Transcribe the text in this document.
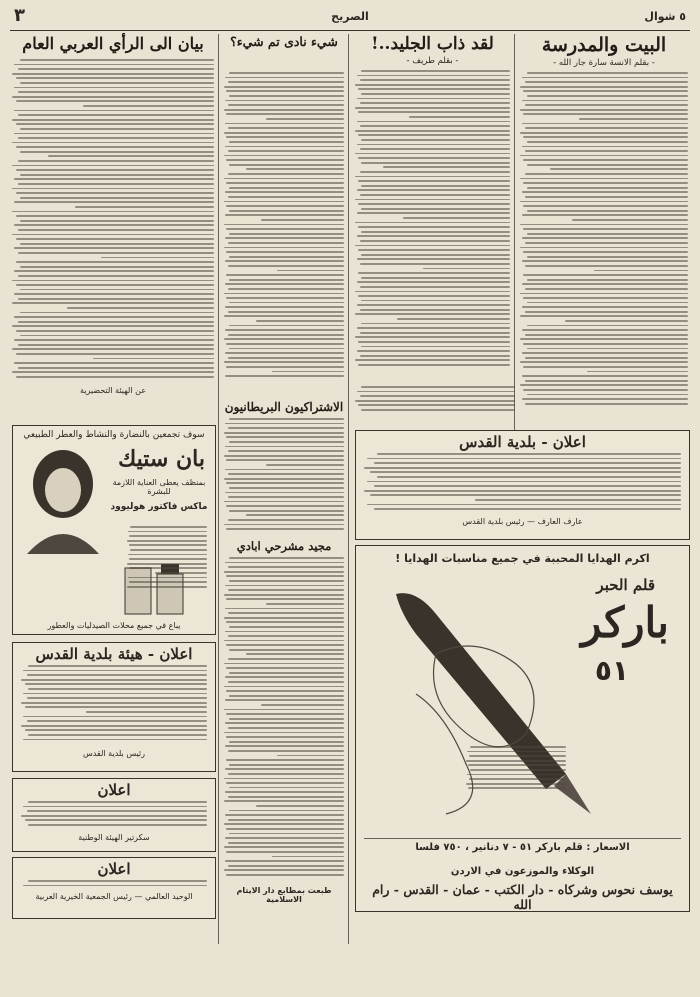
٥ شوال
الصريح
٣
البيت والمدرسة
- بقلم الانسة سارة جار الله -
اعلان - بلدية القدس
عارف العارف — رئيس بلدية القدس
اكرم الهدايا المحببة في جميع مناسبات الهدايا !
قلم الحبر
باركر
٥١
الاسعار : قلم باركر ٥١ - ٧ دنانير ، ٧٥٠ فلسا
الوكلاء والموزعون في الاردن
يوسف نحوس وشركاه - دار الكتب - عمان - القدس - رام الله
لقد ذاب الجليد..!
- بقلم طريف -
الاشتراكيون البريطانيون
مجيد مشرحي ابادي
طبعت بمطابع دار الايتام الاسلامية
شيء نادى تم شيء؟
بيان الى الرأي العربي العام
عن الهيئة التحضيرية
سوف تجمعين بالنضارة والنشاط والعطر الطبيعي
بان ستيك
بمنظف يعطى العناية اللازمة للبشرة
ماكس فاكتور هوليوود
يباع في جميع محلات الصيدليات والعطور
اعلان - هيئة بلدية القدس
رئيس بلدية القدس
اعلان
سكرتير الهيئة الوطنية
اعلان
الوحيد العالمي — رئيس الجمعية الخيرية العربية
